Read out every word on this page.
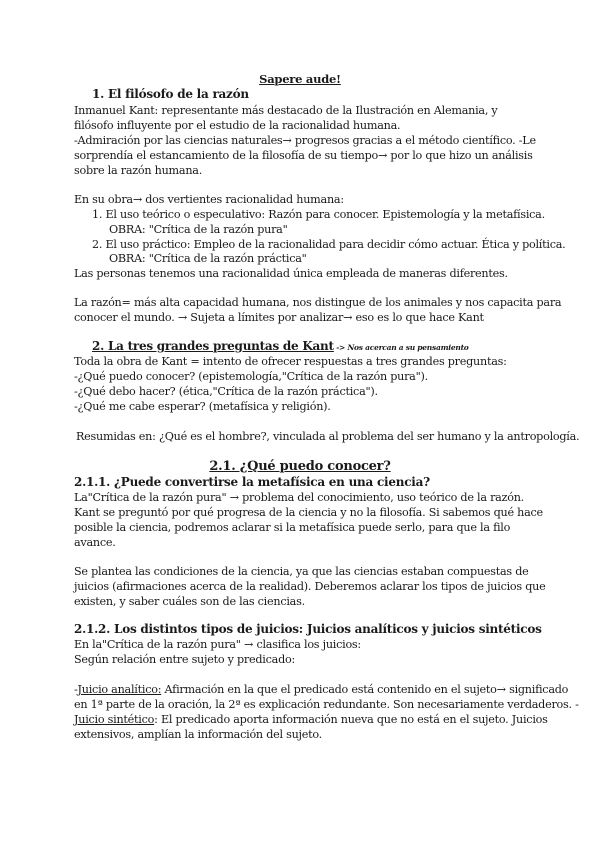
Sapere aude!
1. El filósofo de la razón
Inmanuel Kant: representante más destacado de la Ilustración en Alemania, y
filósofo influyente por el estudio de la racionalidad humana.
-Admiración por las ciencias naturales→ progresos gracias a el método científico. -Le
sorprendía el estancamiento de la filosofía de su tiempo→ por lo que hizo un análisis
sobre la razón humana.
En su obra→ dos vertientes racionalidad humana:
1. El uso teórico o especulativo: Razón para conocer. Epistemología y la metafísica.
OBRA: "Crítica de la razón pura"
2. El uso práctico: Empleo de la racionalidad para decidir cómo actuar. Ética y política.
OBRA: "Crítica de la razón práctica"
Las personas tenemos una racionalidad única empleada de maneras diferentes.
La razón= más alta capacidad humana, nos distingue de los animales y nos capacita para
conocer el mundo. → Sujeta a límites por analizar→ eso es lo que hace Kant
2. La tres grandes preguntas de Kant -> Nos acercan a su pensamiento
Toda la obra de Kant = intento de ofrecer respuestas a tres grandes preguntas:
-¿Qué puedo conocer? (epistemología,"Crítica de la razón pura").
-¿Qué debo hacer? (ética,"Crítica de la razón práctica").
-¿Qué me cabe esperar? (metafísica y religión).
Resumidas en: ¿Qué es el hombre?, vinculada al problema del ser humano y la antropología.
2.1. ¿Qué puedo conocer?
2.1.1. ¿Puede convertirse la metafísica en una ciencia?
La"Crítica de la razón pura" → problema del conocimiento, uso teórico de la razón.
Kant se preguntó por qué progresa de la ciencia y no la filosofía. Si sabemos qué hace
posible la ciencia, podremos aclarar si la metafísica puede serlo, para que la filo
avance.
Se plantea las condiciones de la ciencia, ya que las ciencias estaban compuestas de
juicios (afirmaciones acerca de la realidad). Deberemos aclarar los tipos de juicios que
existen, y saber cuáles son de las ciencias.
2.1.2. Los distintos tipos de juicios: Juicios analíticos y juicios sintéticos
En la"Crítica de la razón pura" → clasifica los juicios:
Según relación entre sujeto y predicado:
-Juicio analítico: Afirmación en la que el predicado está contenido en el sujeto→ significado
en 1ª parte de la oración, la 2ª es explicación redundante. Son necesariamente verdaderos. -
Juicio sintético: El predicado aporta información nueva que no está en el sujeto. Juicios
extensivos, amplían la información del sujeto.
